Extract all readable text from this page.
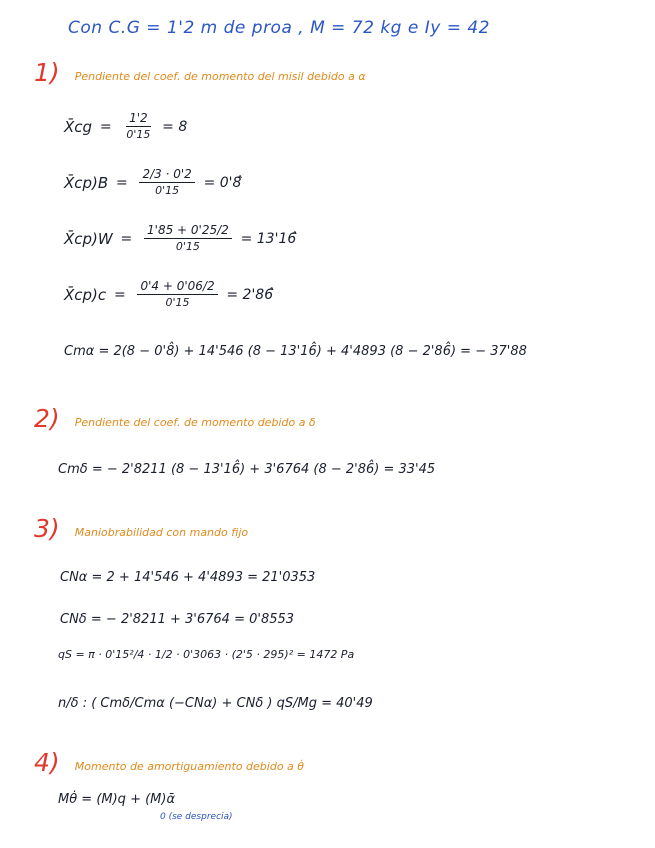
Con C.G = 1'2 m de proa , M = 72 kg e Iy = 42
1) Pendiente del coef. de momento del misil debido a α
X̄cg = $\frac{1'2}{0'15} = 8$
X̄cp)B = $\frac{2/3 \cdot 0'2}{0'15}$ = 0'8̂
X̄cp)W = $\frac{1'85 + 0'25/2}{0'15}$ = 13'16̂
X̄cp)c = $\frac{0'4 + 0'06/2}{0'15}$ = 2'86̂
Cmα = 2(8 − 0'8̂) + 14'546 (8 − 13'16̂) + 4'4893 (8 − 2'86̂) = − 37'88
2) Pendiente del coef. de momento debido a δ
Cmδ = − 2'8211 (8 − 13'16̂) + 3'6764 (8 − 2'86̂) = 33'45
3) Maniobrabilidad con mando fijo
CNα = 2 + 14'546 + 4'4893 = 21'0353
CNδ = − 2'8211 + 3'6764 = 0'8553
qS = π · 0'15²/4 · 1/2 · 0'3063 · (2'5 · 295)² = 1472 Pa
n/δ : ( Cmδ/Cmα (−CNα) + CNδ ) qS/Mg = 40'49
4) Momento de amortiguamiento debido a θ̇
Mθ̇ = (M)q + (M)ᾱ
0 (se desprecia)
